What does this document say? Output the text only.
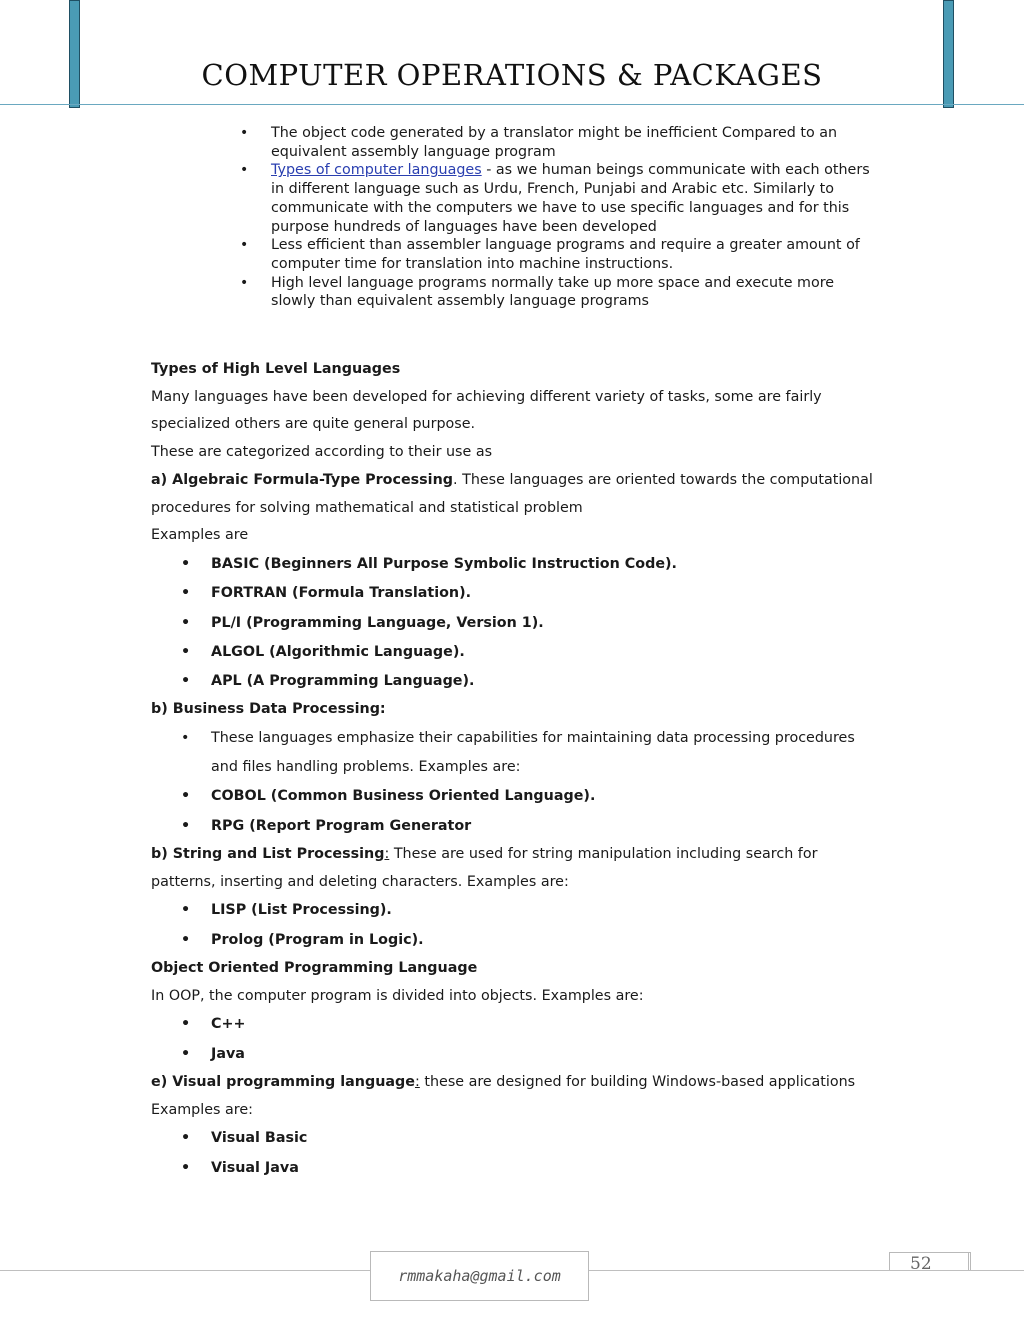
COMPUTER OPERATIONS & PACKAGES
• The object code generated by a translator might be inefficient Compared to an equivalent assembly language program
• Types of computer languages - as we human beings communicate with each others in different language such as Urdu, French, Punjabi and Arabic etc. Similarly to communicate with the computers we have to use specific languages and for this purpose hundreds of languages have been developed
• Less efficient than assembler language programs and require a greater amount of computer time for translation into machine instructions.
• High level language programs normally take up more space and execute more slowly than equivalent assembly language programs

Types of High Level Languages

Many languages have been developed for achieving different variety of tasks, some are fairly specialized others are quite general purpose.

These are categorized according to their use as

a) Algebraic Formula-Type Processing. These languages are oriented towards the computational procedures for solving mathematical and statistical problem

Examples are

• BASIC (Beginners All Purpose Symbolic Instruction Code).
• FORTRAN (Formula Translation).
• PL/I (Programming Language, Version 1).
• ALGOL (Algorithmic Language).
• APL (A Programming Language).

b) Business Data Processing:

• These languages emphasize their capabilities for maintaining data processing procedures and files handling problems. Examples are:
• COBOL (Common Business Oriented Language).
• RPG (Report Program Generator

b) String and List Processing: These are used for string manipulation including search for patterns, inserting and deleting characters. Examples are:

• LISP (List Processing).
• Prolog (Program in Logic).

Object Oriented Programming Language

In OOP, the computer program is divided into objects. Examples are:

• C++
• Java

e) Visual programming language: these are designed for building Windows-based applications

Examples are:

• Visual Basic
• Visual Java
rmmakaha@gmail.com
52
